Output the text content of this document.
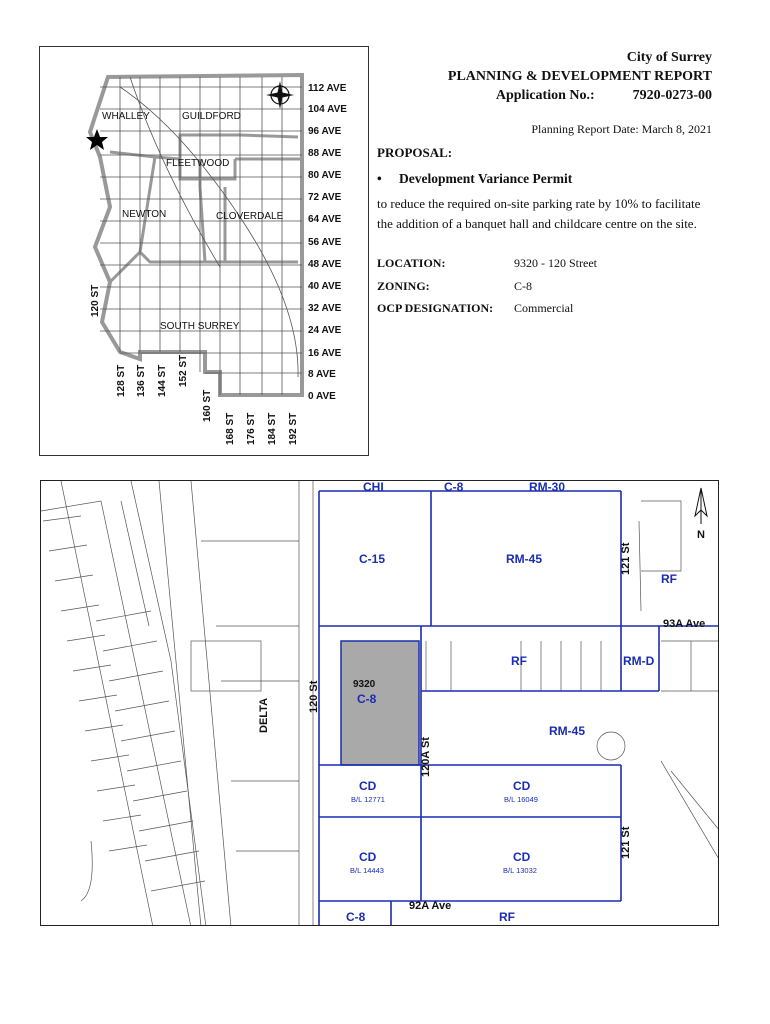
WHALLEY	GUILDFORD
FLEETWOOD
NEWTON	CLOVERDALE
SOUTH SURREY
112 AVE
104 AVE
96 AVE
88 AVE
80 AVE
72 AVE
64 AVE
56 AVE
48 AVE
40 AVE
32 AVE
24 AVE
16 AVE
8 AVE
0 AVE
120 ST
128 ST 136 ST 144 ST 152 ST
160 ST
168 ST 176 ST 184 ST 192 ST
City of Surrey
PLANNING & DEVELOPMENT REPORT
Application No.:	7920-0273-00
Planning Report Date: March 8, 2021
PROPOSAL:
• Development Variance Permit
to reduce the required on-site parking rate by 10% to facilitate the addition of a banquet hall and childcare centre on the site.
LOCATION:	9320 - 120 Street
ZONING:	C-8
OCP DESIGNATION:	Commercial
N
CHI	C-8	RM-30
C-15	RM-45
RF
RF	RM-D
RM-45
9320
C-8
CD
B/L 12771
CD
B/L 16049
CD
B/L 14443
CD
B/L 13032
C-8	RF
120 St
120A St
121 St
121 St
93A Ave
92A Ave
DELTA
